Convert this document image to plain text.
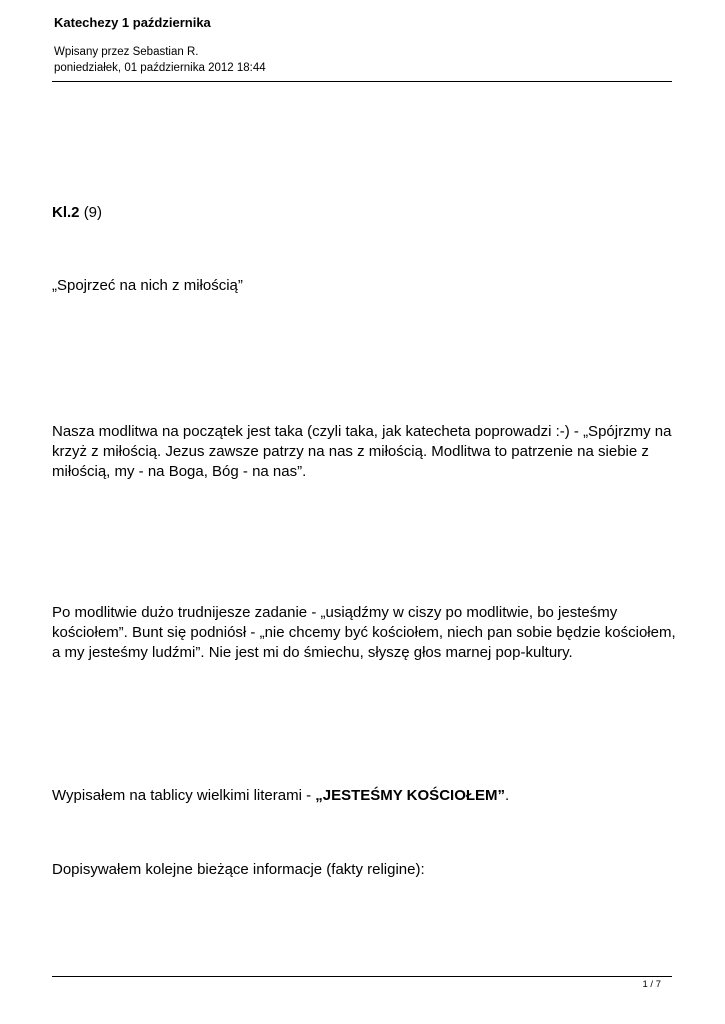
Katechezy 1 października
Wpisany przez Sebastian R.
poniedziałek, 01 października 2012 18:44
Kl.2 (9)
„Spojrzeć na nich z miłością”
Nasza modlitwa na początek jest taka (czyli taka, jak katecheta poprowadzi :-) - „Spójrzmy na krzyż z miłością. Jezus zawsze patrzy na nas z miłością. Modlitwa to patrzenie na siebie z miłością, my - na Boga, Bóg - na nas”.
Po modlitwie dużo trudnijesze zadanie - „usiądźmy w ciszy po modlitwie, bo jesteśmy kościołem”. Bunt się podniósł - „nie chcemy być kościołem, niech pan sobie będzie kościołem, a my jesteśmy ludźmi”. Nie jest mi do śmiechu, słyszę głos marnej pop-kultury.
Wypisałem na tablicy wielkimi literami - „JESTEŚMY KOŚCIOŁEM”.
Dopisywałem kolejne bieżące informacje (fakty religine):
1 / 7
